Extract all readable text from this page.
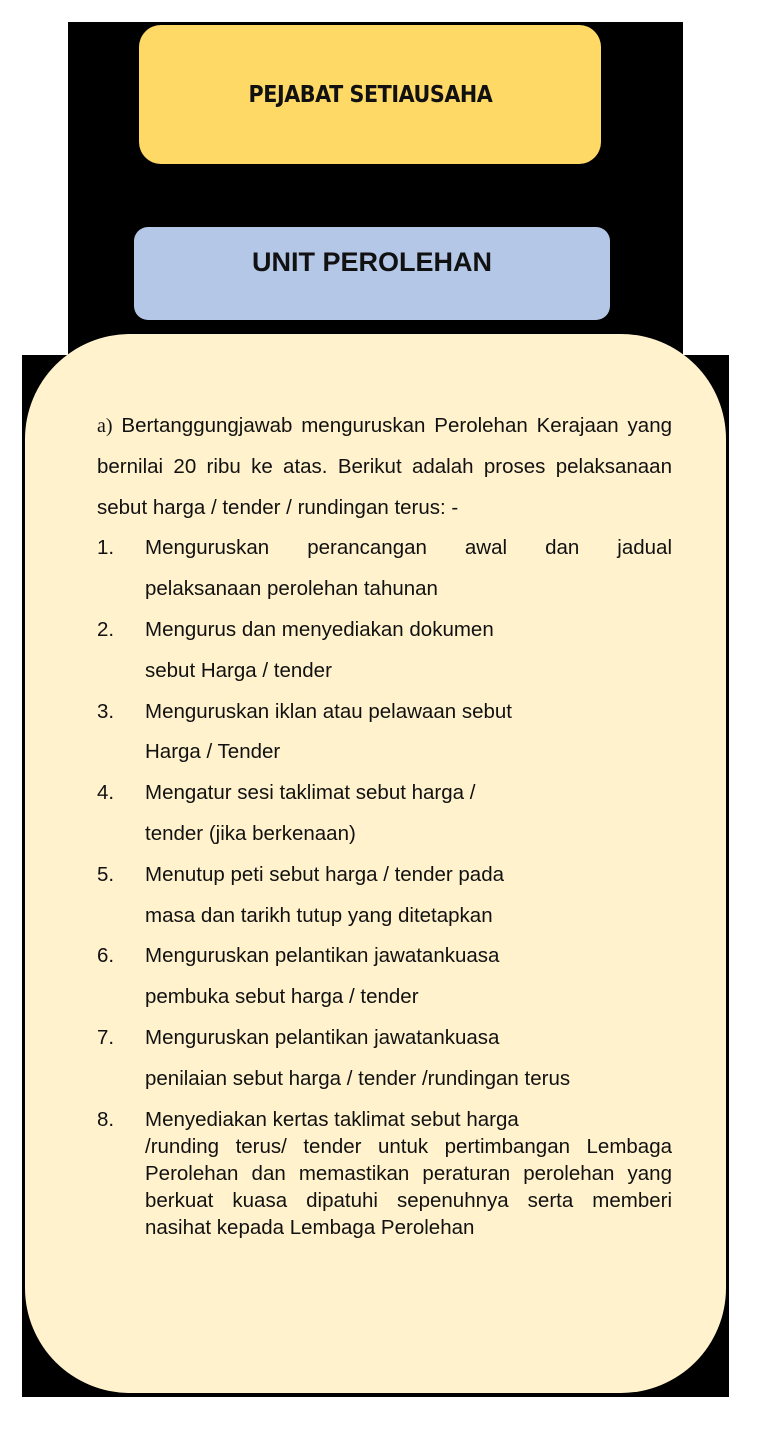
PEJABAT SETIAUSAHA
UNIT PEROLEHAN

a) Bertanggungjawab menguruskan Perolehan Kerajaan yang bernilai 20 ribu ke atas. Berikut adalah proses pelaksanaan sebut harga / tender / rundingan terus: -

1.	Menguruskan perancangan awal dan jadual
pelaksanaan perolehan tahunan
2.	Mengurus dan menyediakan dokumen
sebut Harga / tender
3.	Menguruskan iklan atau pelawaan sebut
Harga / Tender
4.	Mengatur sesi taklimat sebut harga /
tender (jika berkenaan)
5.	Menutup peti sebut harga / tender pada
masa dan tarikh tutup yang ditetapkan
6.	Menguruskan pelantikan jawatankuasa
pembuka sebut harga / tender
7.	Menguruskan pelantikan jawatankuasa
penilaian sebut harga / tender /rundingan terus
8.	Menyediakan kertas taklimat sebut harga
/runding terus/ tender untuk pertimbangan Lembaga Perolehan dan memastikan peraturan perolehan yang berkuat kuasa dipatuhi sepenuhnya serta memberi nasihat kepada Lembaga Perolehan
